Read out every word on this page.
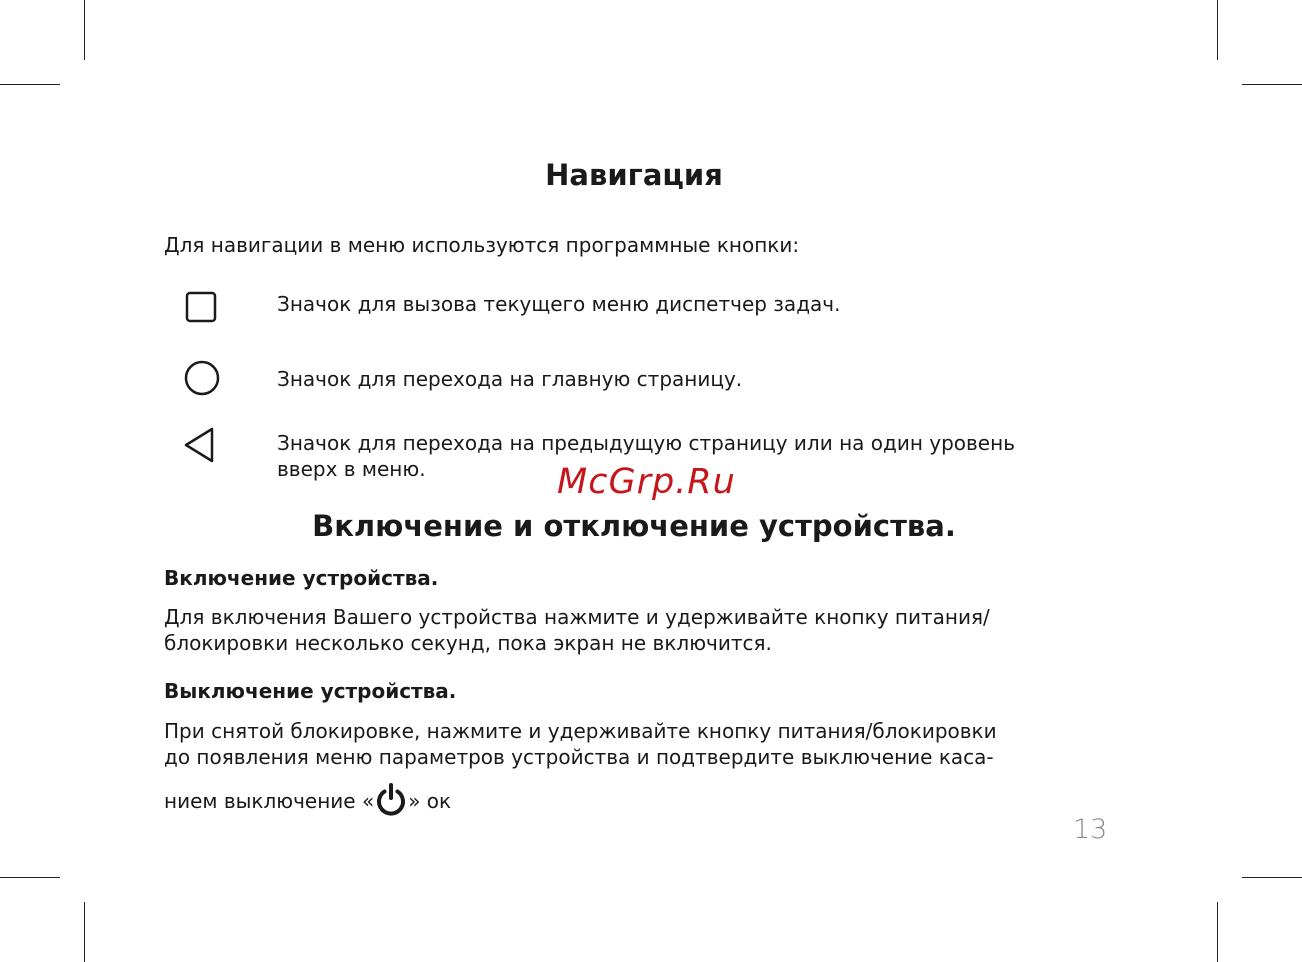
Навигация

Для навигации в меню используются программные кнопки:

Значок для вызова текущего меню диспетчер задач.

Значок для перехода на главную страницу.

Значок для перехода на предыдущую страницу или на один уровень

вверх в меню.	McGrp.Ru
Включение и отключение устройства.

Включение устройства.

Для включения Вашего устройства нажмите и удерживайте кнопку питания/

блокировки несколько секунд, пока экран не включится.

Выключение устройства.

При снятой блокировке, нажмите и удерживайте кнопку питания/блокировки

до появления меню параметров устройства и подтвердите выключение каса-

нием выключение « » ок

13
